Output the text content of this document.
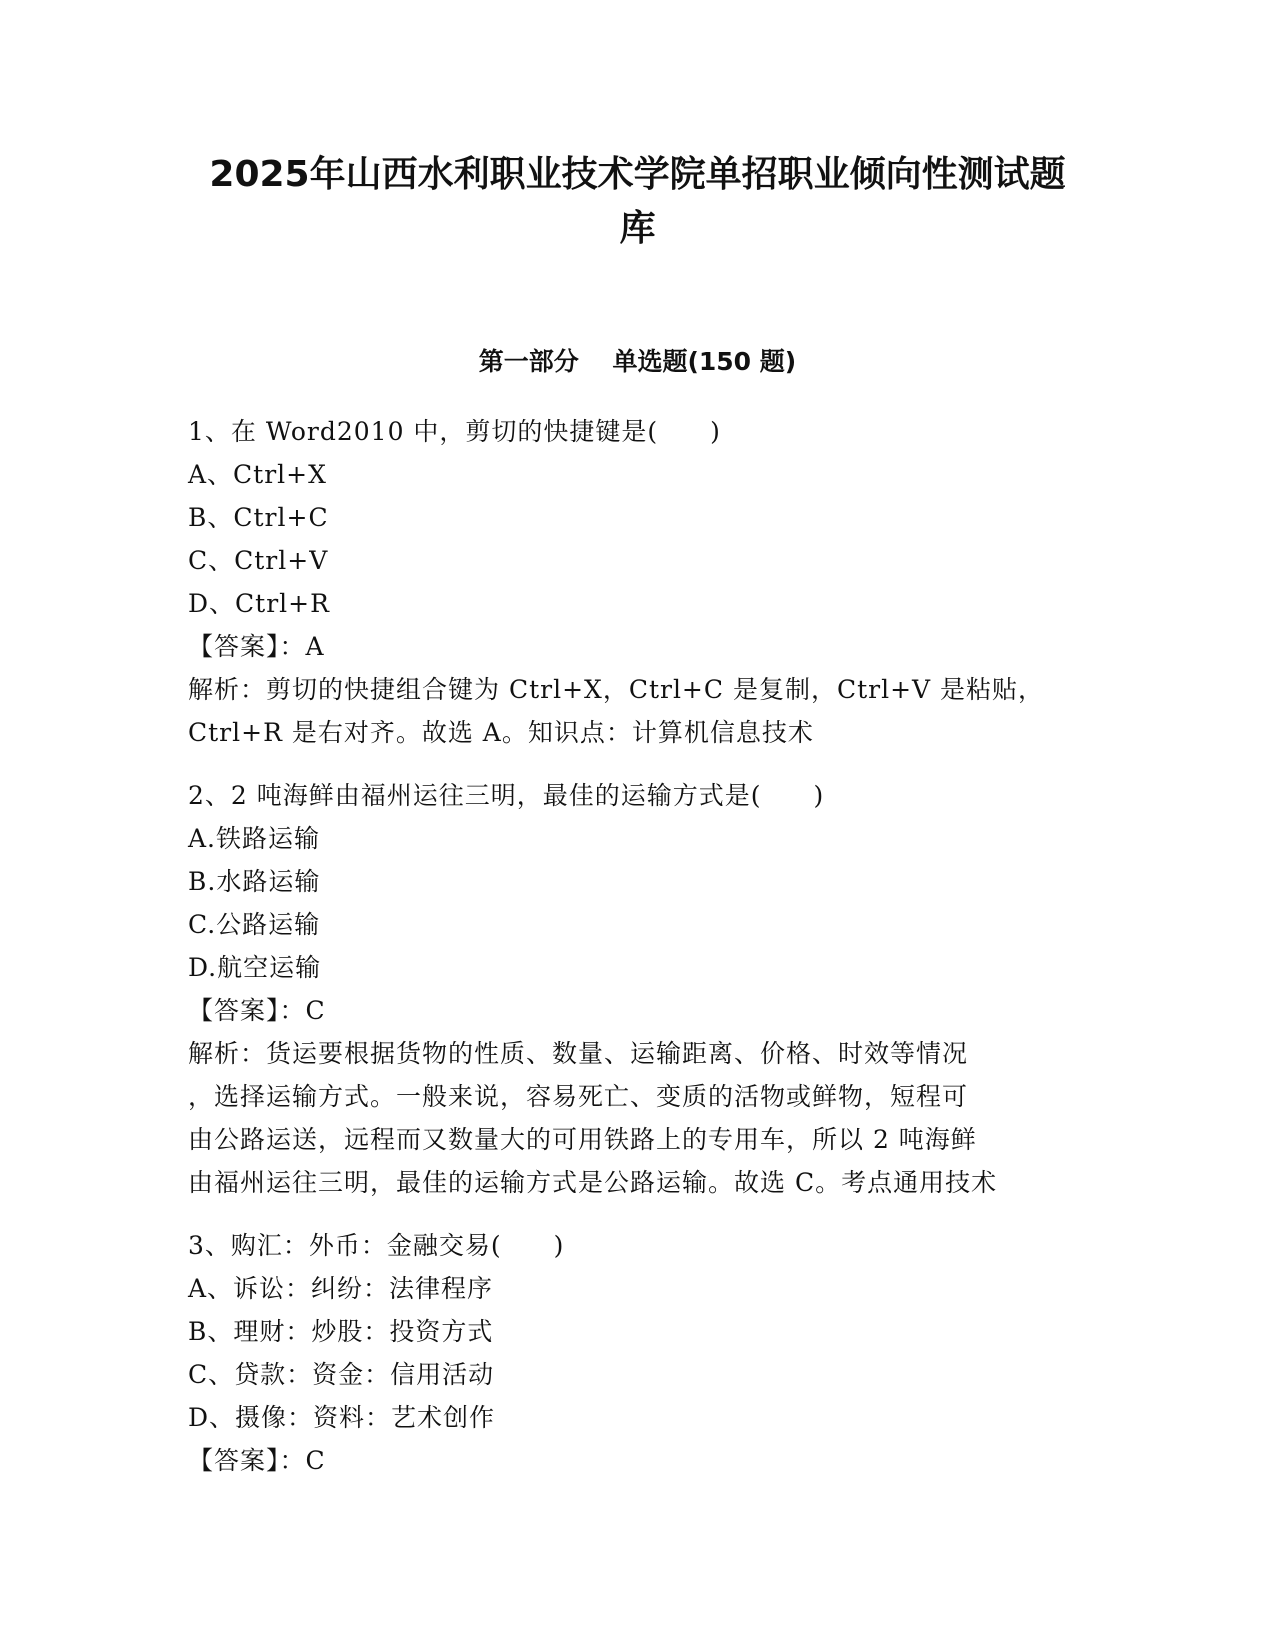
2025年山西水利职业技术学院单招职业倾向性测试题
库
第一部分　 单选题(150 题)

1、在 Word2010 中，剪切的快捷键是(　　)

A、Ctrl+X

B、Ctrl+C

C、Ctrl+V

D、Ctrl+R

【答案】：A

解析：剪切的快捷组合键为 Ctrl+X，Ctrl+C 是复制，Ctrl+V 是粘贴，

Ctrl+R 是右对齐。故选 A。知识点：计算机信息技术

2、2 吨海鲜由福州运往三明，最佳的运输方式是(　　)

A.铁路运输

B.水路运输

C.公路运输

D.航空运输

【答案】：C

解析：货运要根据货物的性质、数量、运输距离、价格、时效等情况

，选择运输方式。一般来说，容易死亡、变质的活物或鲜物，短程可

由公路运送，远程而又数量大的可用铁路上的专用车，所以 2 吨海鲜

由福州运往三明，最佳的运输方式是公路运输。故选 C。考点通用技术

3、购汇：外币：金融交易(　　)

A、诉讼：纠纷：法律程序

B、理财：炒股：投资方式

C、贷款：资金：信用活动

D、摄像：资料：艺术创作

【答案】：C
